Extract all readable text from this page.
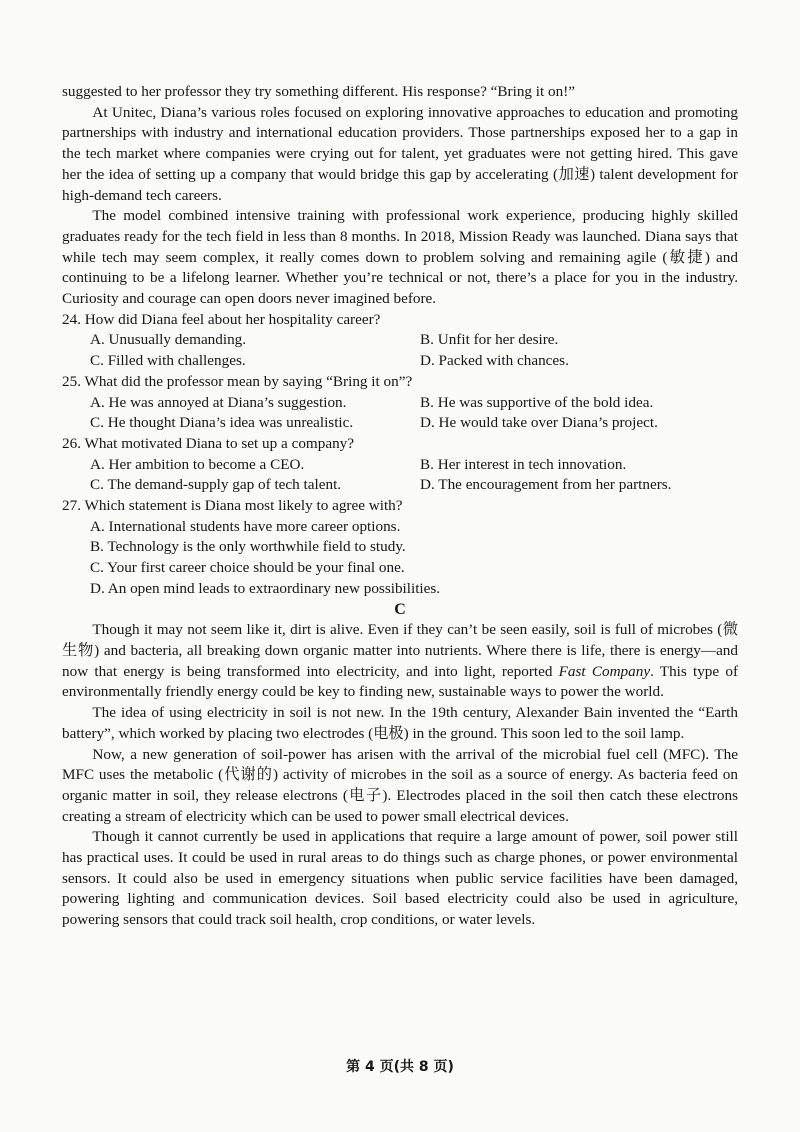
suggested to her professor they try something different. His response? “Bring it on!”

At Unitec, Diana’s various roles focused on exploring innovative approaches to education and promoting partnerships with industry and international education providers. Those partnerships exposed her to a gap in the tech market where companies were crying out for talent, yet graduates were not getting hired. This gave her the idea of setting up a company that would bridge this gap by accelerating (加速) talent development for high-demand tech careers.

The model combined intensive training with professional work experience, producing highly skilled graduates ready for the tech field in less than 8 months. In 2018, Mission Ready was launched. Diana says that while tech may seem complex, it really comes down to problem solving and remaining agile (敏捷) and continuing to be a lifelong learner. Whether you’re technical or not, there’s a place for you in the industry. Curiosity and courage can open doors never imagined before.

24. How did Diana feel about her hospitality career?

A. Unusually demanding.	B. Unfit for her desire.
C. Filled with challenges.	D. Packed with chances.

25. What did the professor mean by saying “Bring it on”?

A. He was annoyed at Diana’s suggestion.	B. He was supportive of the bold idea.
C. He thought Diana’s idea was unrealistic.	D. He would take over Diana’s project.

26. What motivated Diana to set up a company?

A. Her ambition to become a CEO.	B. Her interest in tech innovation.
C. The demand-supply gap of tech talent.	D. The encouragement from her partners.

27. Which statement is Diana most likely to agree with?

A. International students have more career options.
B. Technology is the only worthwhile field to study.
C. Your first career choice should be your final one.
D. An open mind leads to extraordinary new possibilities.

C

Though it may not seem like it, dirt is alive. Even if they can’t be seen easily, soil is full of microbes (微生物) and bacteria, all breaking down organic matter into nutrients. Where there is life, there is energy—and now that energy is being transformed into electricity, and into light, reported Fast Company. This type of environmentally friendly energy could be key to finding new, sustainable ways to power the world.

The idea of using electricity in soil is not new. In the 19th century, Alexander Bain invented the “Earth battery”, which worked by placing two electrodes (电极) in the ground. This soon led to the soil lamp.

Now, a new generation of soil-power has arisen with the arrival of the microbial fuel cell (MFC). The MFC uses the metabolic (代谢的) activity of microbes in the soil as a source of energy. As bacteria feed on organic matter in soil, they release electrons (电子). Electrodes placed in the soil then catch these electrons creating a stream of electricity which can be used to power small electrical devices.

Though it cannot currently be used in applications that require a large amount of power, soil power still has practical uses. It could be used in rural areas to do things such as charge phones, or power environmental sensors. It could also be used in emergency situations when public service facilities have been damaged, powering lighting and communication devices. Soil based electricity could also be used in agriculture, powering sensors that could track soil health, crop conditions, or water levels.

第 4 页(共 8 页)
